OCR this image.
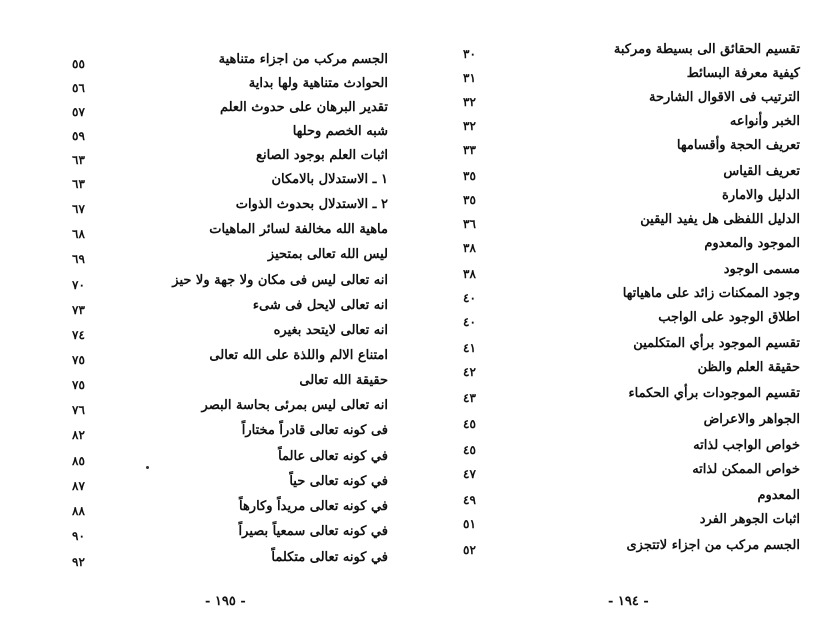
الجسم مركب من اجزاء متناهية
٥٥
الحوادث متناهية ولها بداية
٥٦
تقدير البرهان على حدوث العلم
٥٧
شبه الخصم وحلها
٥٩
اثبات العلم بوجود الصانع
٦٣
١ ـ الاستدلال بالامكان
٦٣
٢ ـ الاستدلال بحدوث الذوات
٦٧
ماهية الله مخالفة لسائر الماهيات
٦٨
ليس الله تعالى بمتحيز
٦٩
انه تعالى ليس فى مكان ولا جهة ولا حيز
٧٠
انه تعالى لايحل فى شىء
٧٣
انه تعالى لايتحد بغيره
٧٤
امتناع الالم واللذة على الله تعالى
٧٥
حقيقة الله تعالى
٧٥
انه تعالى ليس بمرئى بحاسة البصر
٧٦
فى كونه تعالى قادراً مختاراً
٨٢
في كونه تعالى عالماً
٨٥
في كونه تعالى حياً
٨٧
في كونه تعالى مريداً وكارهاً
٨٨
في كونه تعالى سمعياً بصيراً
٩٠
في كونه تعالى متكلماً
٩٢
- ١٩٥ -
تقسيم الحقائق الى بسيطة ومركبة
٣٠
كيفية معرفة البسائط
٣١
الترتيب فى الاقوال الشارحة
٣٢
الخبر وأنواعه
٣٢
تعريف الحجة وأقسامها
٣٣
تعريف القياس
٣٥
الدليل والامارة
٣٥
الدليل اللفظى هل يفيد اليقين
٣٦
الموجود والمعدوم
٣٨
مسمى الوجود
٣٨
وجود الممكنات زائد على ماهياتها
٤٠
اطلاق الوجود على الواجب
٤٠
تقسيم الموجود برأي المتكلمين
٤١
حقيقة العلم والظن
٤٢
تقسيم الموجودات برأي الحكماء
٤٣
الجواهر والاعراض
٤٥
خواص الواجب لذاته
٤٥
خواص الممكن لذاته
٤٧
المعدوم
٤٩
اثبات الجوهر الفرد
٥١
الجسم مركب من اجزاء لاتتجزى
٥٢
- ١٩٤ -
